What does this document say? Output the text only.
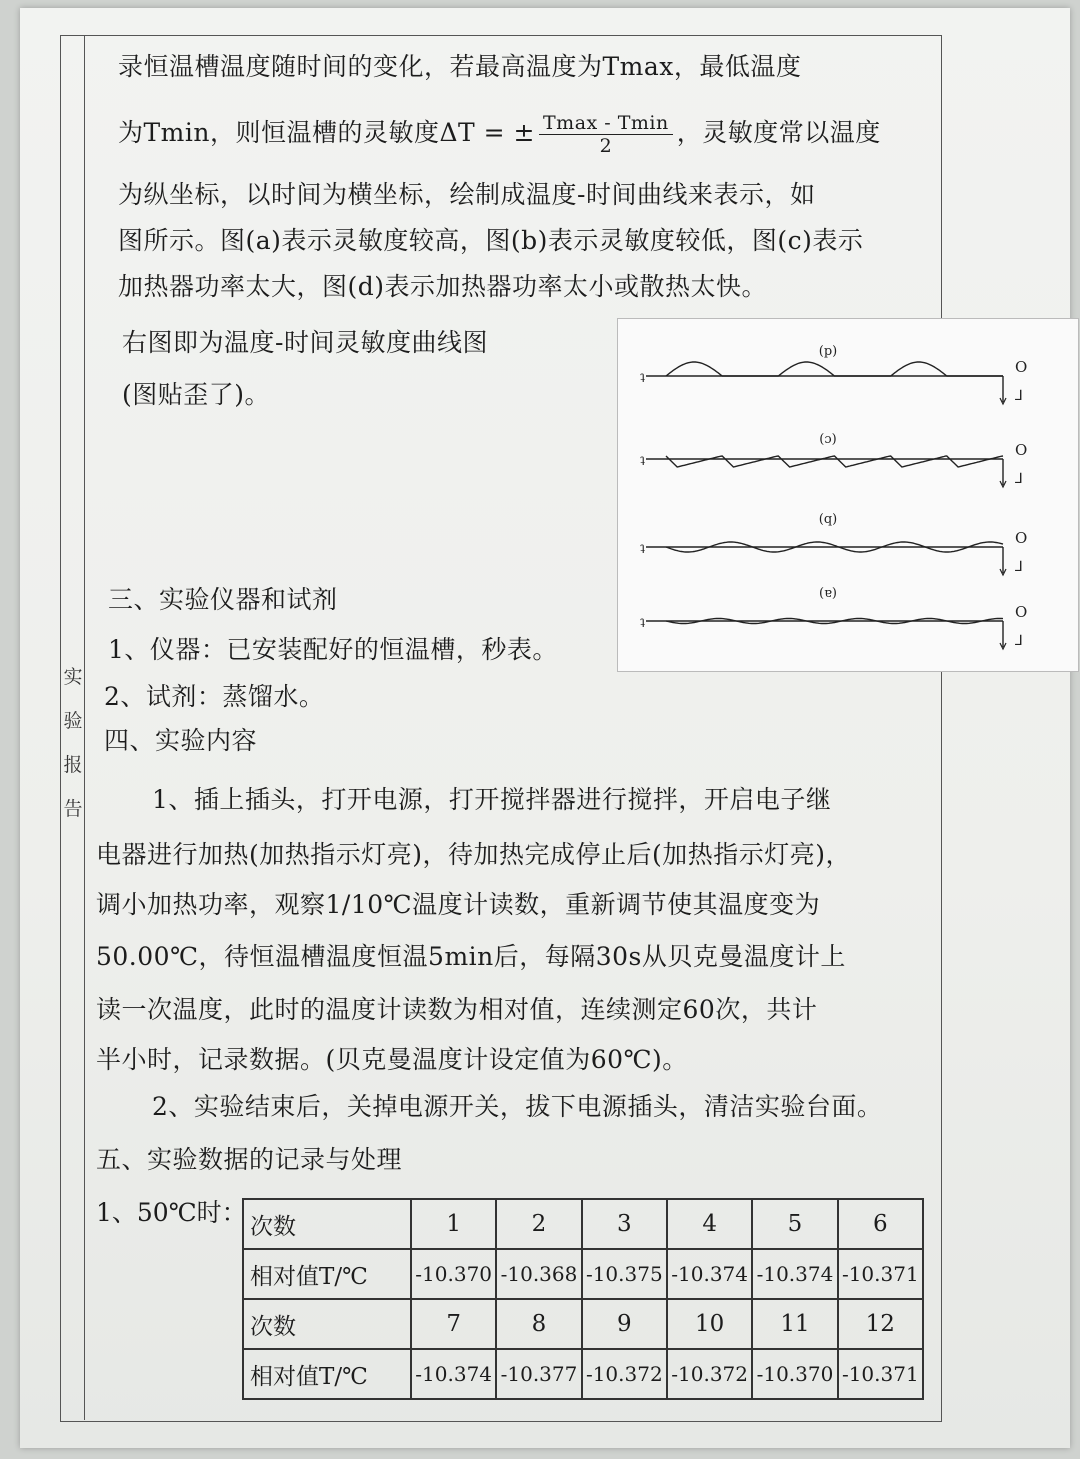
实
验
报
告
录恒温槽温度随时间的变化，若最高温度为Tmax，最低温度
为Tmin，则恒温槽的灵敏度ΔT = ± $\frac{Tmax - Tmin}{2}$ ，灵敏度常以温度
为纵坐标，以时间为横坐标，绘制成温度-时间曲线来表示，如
图所示。图(a)表示灵敏度较高，图(b)表示灵敏度较低，图(c)表示
加热器功率太大，图(d)表示加热器功率太小或散热太快。
右图即为温度-时间灵敏度曲线图
(图贴歪了)。
(p)
O
⅃
ʇ
(ɔ)
O
⅃
ʇ
(q)
O
⅃
ʇ
(ɐ)
O
⅃
ʇ
三、实验仪器和试剂
1、仪器：已安装配好的恒温槽，秒表。
2、试剂：蒸馏水。
四、实验内容
1、插上插头，打开电源，打开搅拌器进行搅拌，开启电子继
电器进行加热(加热指示灯亮)，待加热完成停止后(加热指示灯亮)，
调小加热功率，观察1/10℃温度计读数，重新调节使其温度变为
50.00℃，待恒温槽温度恒温5min后，每隔30s从贝克曼温度计上
读一次温度，此时的温度计读数为相对值，连续测定60次，共计
半小时，记录数据。(贝克曼温度计设定值为60℃)。
2、实验结束后，关掉电源开关，拔下电源插头，清洁实验台面。
五、实验数据的记录与处理
1、50℃时： 次数	1	2	3	4	5	6
相对值T/℃	-10.370	-10.368	-10.375	-10.374	-10.374	-10.371
次数	7	8	9	10	11	12
相对值T/℃	-10.374	-10.377	-10.372	-10.372	-10.370	-10.371
